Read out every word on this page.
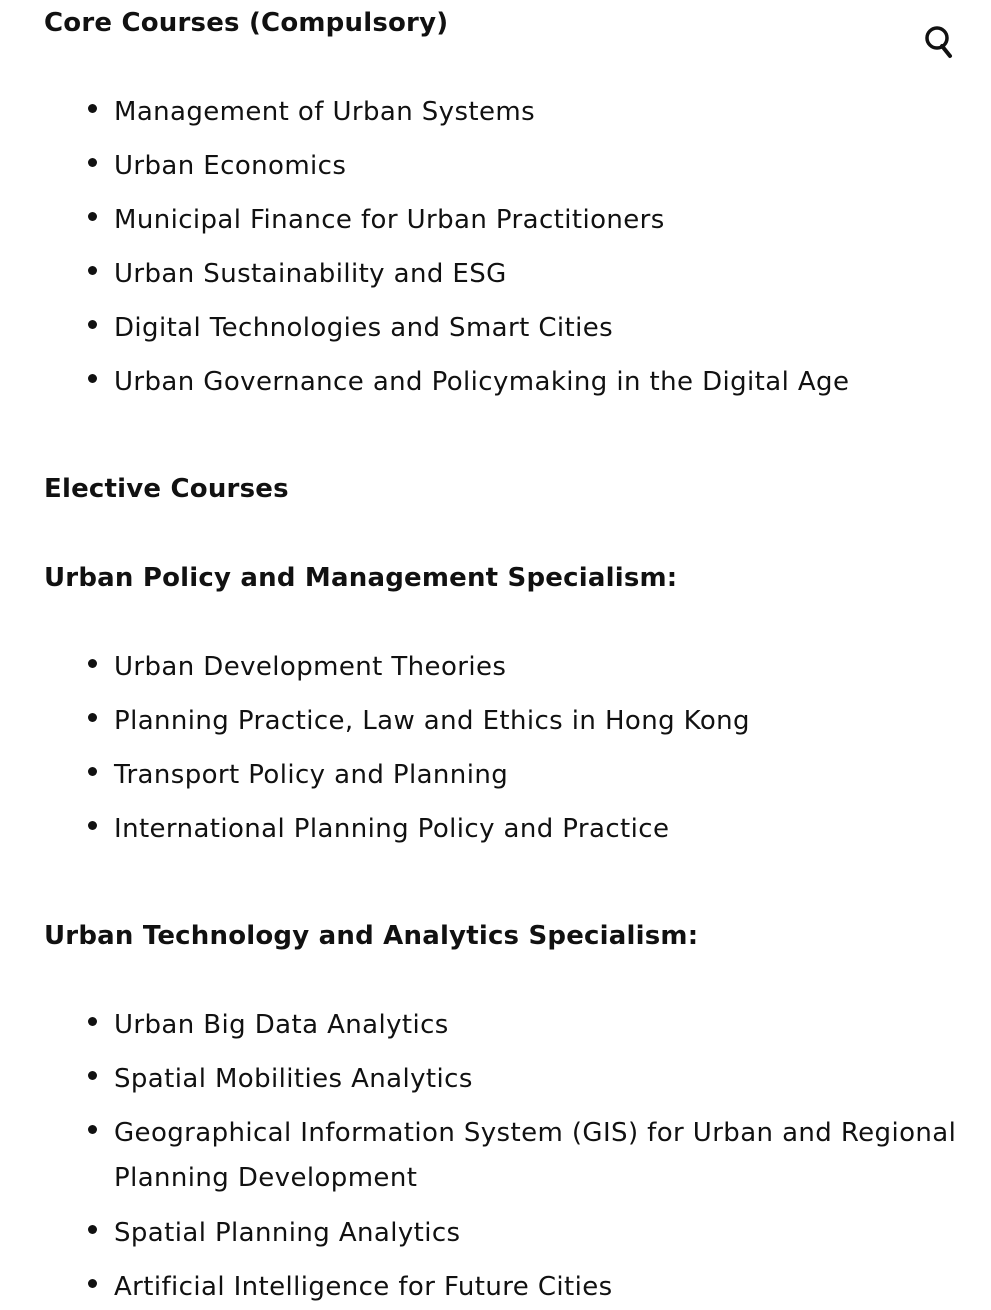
Core Courses (Compulsory)
Management of Urban Systems
Urban Economics
Municipal Finance for Urban Practitioners
Urban Sustainability and ESG
Digital Technologies and Smart Cities
Urban Governance and Policymaking in the Digital Age
Elective Courses
Urban Policy and Management Specialism:
Urban Development Theories
Planning Practice, Law and Ethics in Hong Kong
Transport Policy and Planning
International Planning Policy and Practice
Urban Technology and Analytics Specialism:
Urban Big Data Analytics
Spatial Mobilities Analytics
Geographical Information System (GIS) for Urban and Regional
Planning Development
Spatial Planning Analytics
Artificial Intelligence for Future Cities
